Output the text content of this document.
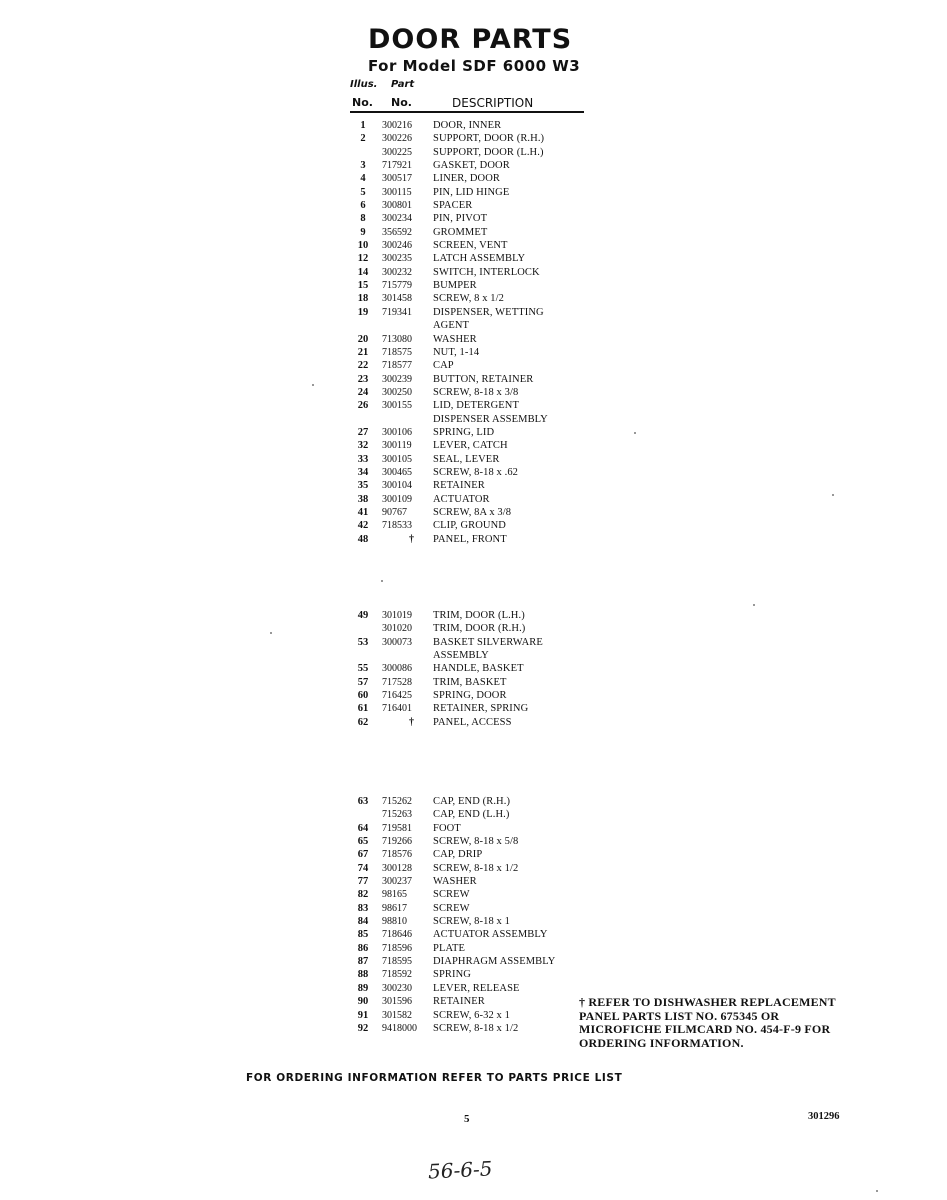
DOOR PARTS
For Model SDF 6000 W3
Illus. Part
No. No.	DESCRIPTION
1	300216	DOOR, INNER
2	300226	SUPPORT, DOOR (R.H.)
300225	SUPPORT, DOOR (L.H.)
3	717921	GASKET, DOOR
4	300517	LINER, DOOR
5	300115	PIN, LID HINGE
6	300801	SPACER
8	300234	PIN, PIVOT
9	356592	GROMMET
10	300246	SCREEN, VENT
12	300235	LATCH ASSEMBLY
14	300232	SWITCH, INTERLOCK
15	715779	BUMPER
18	301458	SCREW, 8 x 1/2
19	719341	DISPENSER, WETTING
AGENT
20	713080	WASHER
21	718575	NUT, 1-14
22	718577	CAP
23	300239	BUTTON, RETAINER
24	300250	SCREW, 8-18 x 3/8
26	300155	LID, DETERGENT
DISPENSER ASSEMBLY
27	300106	SPRING, LID
32	300119	LEVER, CATCH
33	300105	SEAL, LEVER
34	300465	SCREW, 8-18 x .62
35	300104	RETAINER
38	300109	ACTUATOR
41	90767	SCREW, 8A x 3/8
42	718533	CLIP, GROUND
48	† PANEL, FRONT
49	301019	TRIM, DOOR (L.H.)
301020	TRIM, DOOR (R.H.)
53	300073	BASKET SILVERWARE
ASSEMBLY
55	300086	HANDLE, BASKET
57	717528	TRIM, BASKET
60	716425	SPRING, DOOR
61	716401	RETAINER, SPRING
62	† PANEL, ACCESS
63	715262	CAP, END (R.H.)
715263	CAP, END (L.H.)
64	719581	FOOT
65	719266	SCREW, 8-18 x 5/8
67	718576	CAP, DRIP
74	300128	SCREW, 8-18 x 1/2
77	300237	WASHER
82	98165	SCREW
83	98617	SCREW
84	98810	SCREW, 8-18 x 1
85	718646	ACTUATOR ASSEMBLY
86	718596	PLATE
87	718595	DIAPHRAGM ASSEMBLY
88	718592	SPRING
89	300230	LEVER, RELEASE
90	301596	RETAINER
91	301582	SCREW, 6-32 x 1
92	9418000	SCREW, 8-18 x 1/2
† REFER TO DISHWASHER REPLACEMENT PANEL PARTS LIST NO. 675345 OR MICROFICHE FILMCARD NO. 454-F-9 FOR ORDERING INFORMATION.
FOR ORDERING INFORMATION REFER TO PARTS PRICE LIST
5	301296
56-6-5
